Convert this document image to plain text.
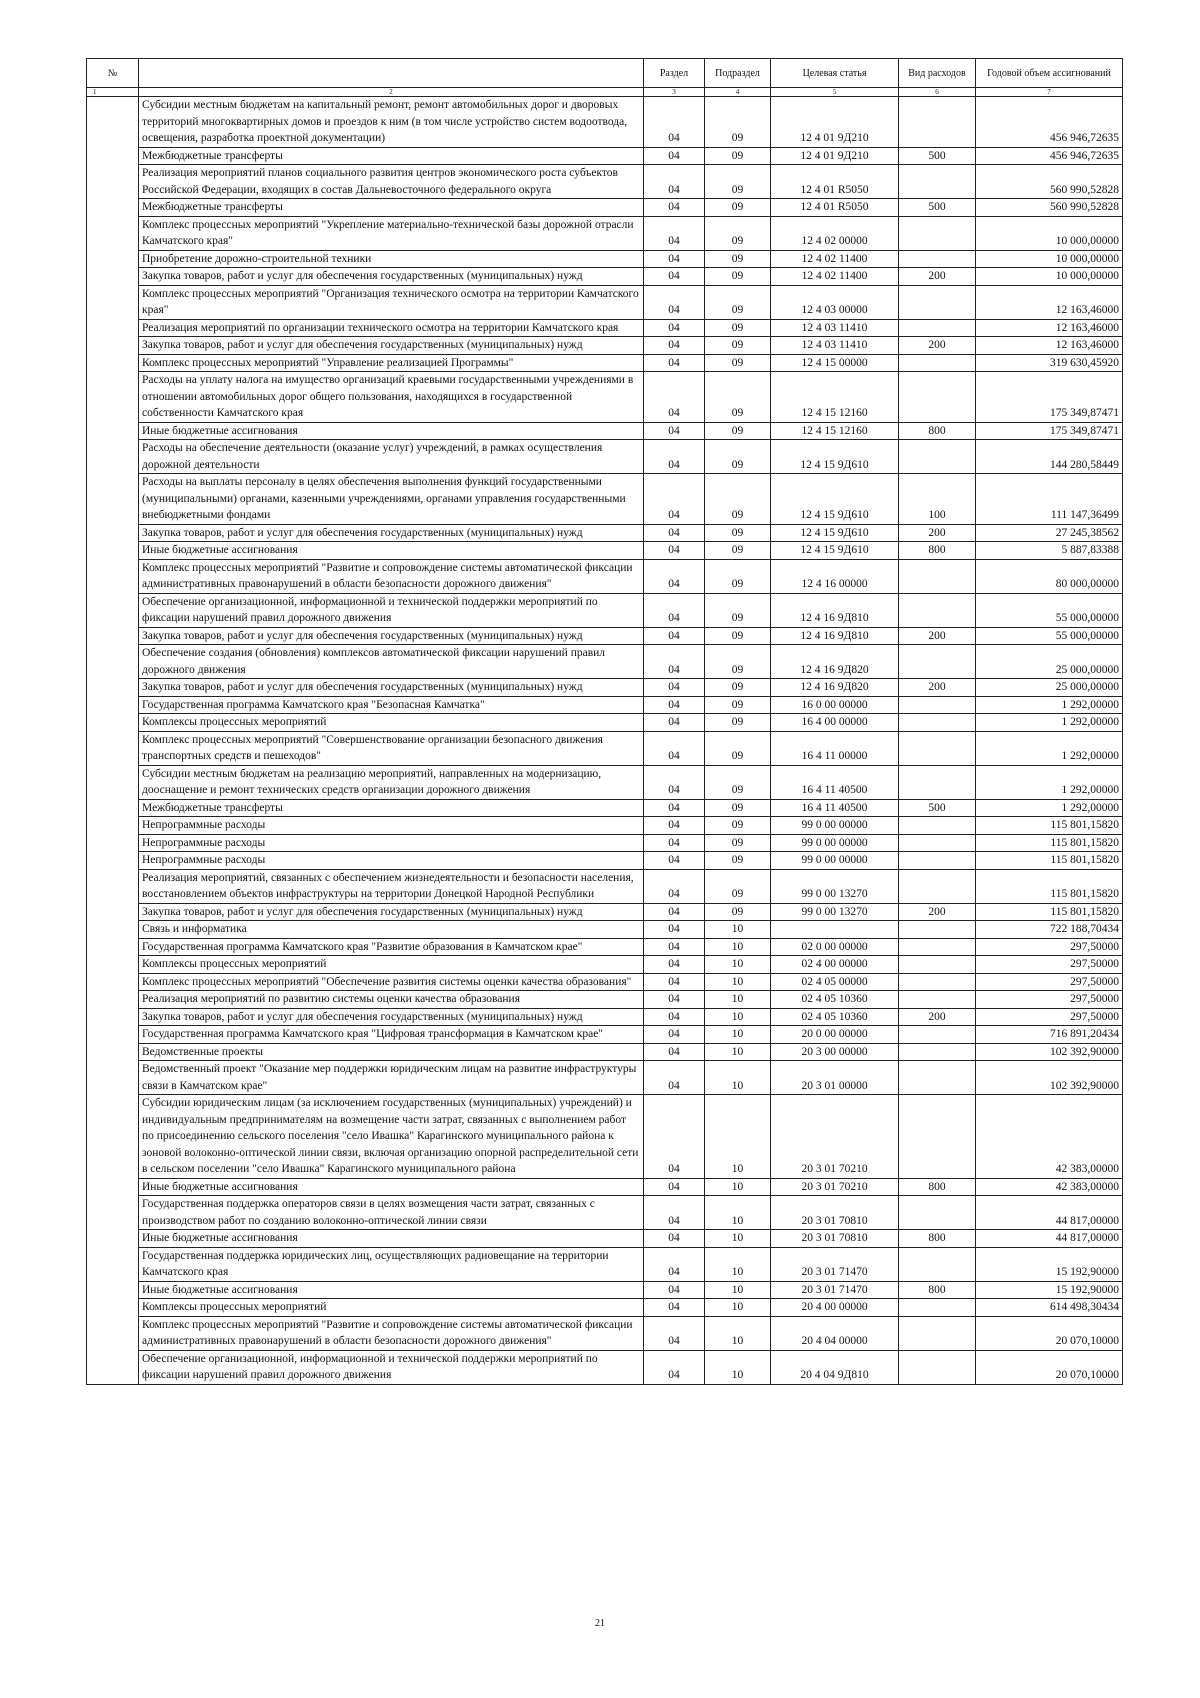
№		Раздел	Подраздел	Целевая статья	Вид расходов	Годовой объем ассигнований
1	2	3	4	5	6	7
	Субсидии местным бюджетам на капитальный ремонт, ремонт автомобильных дорог и дворовых территорий многоквартирных домов и проездов к ним (в том числе устройство систем водоотвода, освещения, разработка проектной документации)	04	09	12 4 01 9Д210		456 946,72635
	Межбюджетные трансферты	04	09	12 4 01 9Д210	500	456 946,72635
	Реализация мероприятий планов социального развития центров экономического роста субъектов Российской Федерации, входящих в состав Дальневосточного федерального округа	04	09	12 4 01 R5050		560 990,52828
	Межбюджетные трансферты	04	09	12 4 01 R5050	500	560 990,52828
	Комплекс процессных мероприятий "Укрепление материально-технической базы дорожной отрасли Камчатского края"	04	09	12 4 02 00000		10 000,00000
	Приобретение дорожно-строительной техники	04	09	12 4 02 11400		10 000,00000
	Закупка товаров, работ и услуг для обеспечения государственных (муниципальных) нужд	04	09	12 4 02 11400	200	10 000,00000
	Комплекс процессных мероприятий "Организация технического осмотра на территории Камчатского края"	04	09	12 4 03 00000		12 163,46000
	Реализация мероприятий по организации технического осмотра на территории Камчатского края	04	09	12 4 03 11410		12 163,46000
	Закупка товаров, работ и услуг для обеспечения государственных (муниципальных) нужд	04	09	12 4 03 11410	200	12 163,46000
	Комплекс процессных мероприятий "Управление реализацией Программы"	04	09	12 4 15 00000		319 630,45920
	Расходы на уплату налога на имущество организаций краевыми государственными учреждениями в отношении автомобильных дорог общего пользования, находящихся в государственной собственности Камчатского края	04	09	12 4 15 12160		175 349,87471
	Иные бюджетные ассигнования	04	09	12 4 15 12160	800	175 349,87471
	Расходы на обеспечение деятельности (оказание услуг) учреждений, в рамках осуществления дорожной деятельности	04	09	12 4 15 9Д610		144 280,58449
	Расходы на выплаты персоналу в целях обеспечения выполнения функций государственными (муниципальными) органами, казенными учреждениями, органами управления государственными внебюджетными фондами	04	09	12 4 15 9Д610	100	111 147,36499
	Закупка товаров, работ и услуг для обеспечения государственных (муниципальных) нужд	04	09	12 4 15 9Д610	200	27 245,38562
	Иные бюджетные ассигнования	04	09	12 4 15 9Д610	800	5 887,83388
	Комплекс процессных мероприятий "Развитие и сопровождение системы автоматической фиксации административных правонарушений в области безопасности дорожного движения"	04	09	12 4 16 00000		80 000,00000
	Обеспечение организационной, информационной и технической поддержки мероприятий по фиксации нарушений правил дорожного движения	04	09	12 4 16 9Д810		55 000,00000
	Закупка товаров, работ и услуг для обеспечения государственных (муниципальных) нужд	04	09	12 4 16 9Д810	200	55 000,00000
	Обеспечение создания (обновления) комплексов автоматической фиксации нарушений правил дорожного движения	04	09	12 4 16 9Д820		25 000,00000
	Закупка товаров, работ и услуг для обеспечения государственных (муниципальных) нужд	04	09	12 4 16 9Д820	200	25 000,00000
	Государственная программа Камчатского края "Безопасная Камчатка"	04	09	16 0 00 00000		1 292,00000
	Комплексы процессных мероприятий	04	09	16 4 00 00000		1 292,00000
	Комплекс процессных мероприятий "Совершенствование организации безопасного движения транспортных средств и пешеходов"	04	09	16 4 11 00000		1 292,00000
	Субсидии местным бюджетам на реализацию мероприятий, направленных на модернизацию, дооснащение и ремонт технических средств организации дорожного движения	04	09	16 4 11 40500		1 292,00000
	Межбюджетные трансферты	04	09	16 4 11 40500	500	1 292,00000
	Непрограммные расходы	04	09	99 0 00 00000		115 801,15820
	Непрограммные расходы	04	09	99 0 00 00000		115 801,15820
	Непрограммные расходы	04	09	99 0 00 00000		115 801,15820
	Реализация мероприятий, связанных с обеспечением жизнедеятельности и безопасности населения, восстановлением объектов инфраструктуры на территории Донецкой Народной Республики	04	09	99 0 00 13270		115 801,15820
	Закупка товаров, работ и услуг для обеспечения государственных (муниципальных) нужд	04	09	99 0 00 13270	200	115 801,15820
	Связь и информатика	04	10			722 188,70434
	Государственная программа Камчатского края "Развитие образования в Камчатском крае"	04	10	02 0 00 00000		297,50000
	Комплексы процессных мероприятий	04	10	02 4 00 00000		297,50000
	Комплекс процессных мероприятий "Обеспечение развития системы оценки качества образования"	04	10	02 4 05 00000		297,50000
	Реализация мероприятий по развитию системы оценки качества образования	04	10	02 4 05 10360		297,50000
	Закупка товаров, работ и услуг для обеспечения государственных (муниципальных) нужд	04	10	02 4 05 10360	200	297,50000
	Государственная программа Камчатского края "Цифровая трансформация в Камчатском крае"	04	10	20 0 00 00000		716 891,20434
	Ведомственные проекты	04	10	20 3 00 00000		102 392,90000
	Ведомственный проект "Оказание мер поддержки юридическим лицам на развитие инфраструктуры связи в Камчатском крае"	04	10	20 3 01 00000		102 392,90000
	Субсидии юридическим лицам (за исключением государственных (муниципальных) учреждений) и индивидуальным предпринимателям на возмещение части затрат, связанных с выполнением работ по присоединению сельского поселения "село Ивашка" Карагинского муниципального района к зоновой волоконно-оптической линии связи, включая организацию опорной распределительной сети в сельском поселении "село Ивашка" Карагинского муниципального района	04	10	20 3 01 70210		42 383,00000
	Иные бюджетные ассигнования	04	10	20 3 01 70210	800	42 383,00000
	Государственная поддержка операторов связи в целях возмещения части затрат, связанных с производством работ по созданию волоконно-оптической линии связи	04	10	20 3 01 70810		44 817,00000
	Иные бюджетные ассигнования	04	10	20 3 01 70810	800	44 817,00000
	Государственная поддержка юридических лиц, осуществляющих радиовещание на территории Камчатского края	04	10	20 3 01 71470		15 192,90000
	Иные бюджетные ассигнования	04	10	20 3 01 71470	800	15 192,90000
	Комплексы процессных мероприятий	04	10	20 4 00 00000		614 498,30434
	Комплекс процессных мероприятий "Развитие и сопровождение системы автоматической фиксации административных правонарушений в области безопасности дорожного движения"	04	10	20 4 04 00000		20 070,10000
	Обеспечение организационной, информационной и технической поддержки мероприятий по фиксации нарушений правил дорожного движения	04	10	20 4 04 9Д810		20 070,10000
21
